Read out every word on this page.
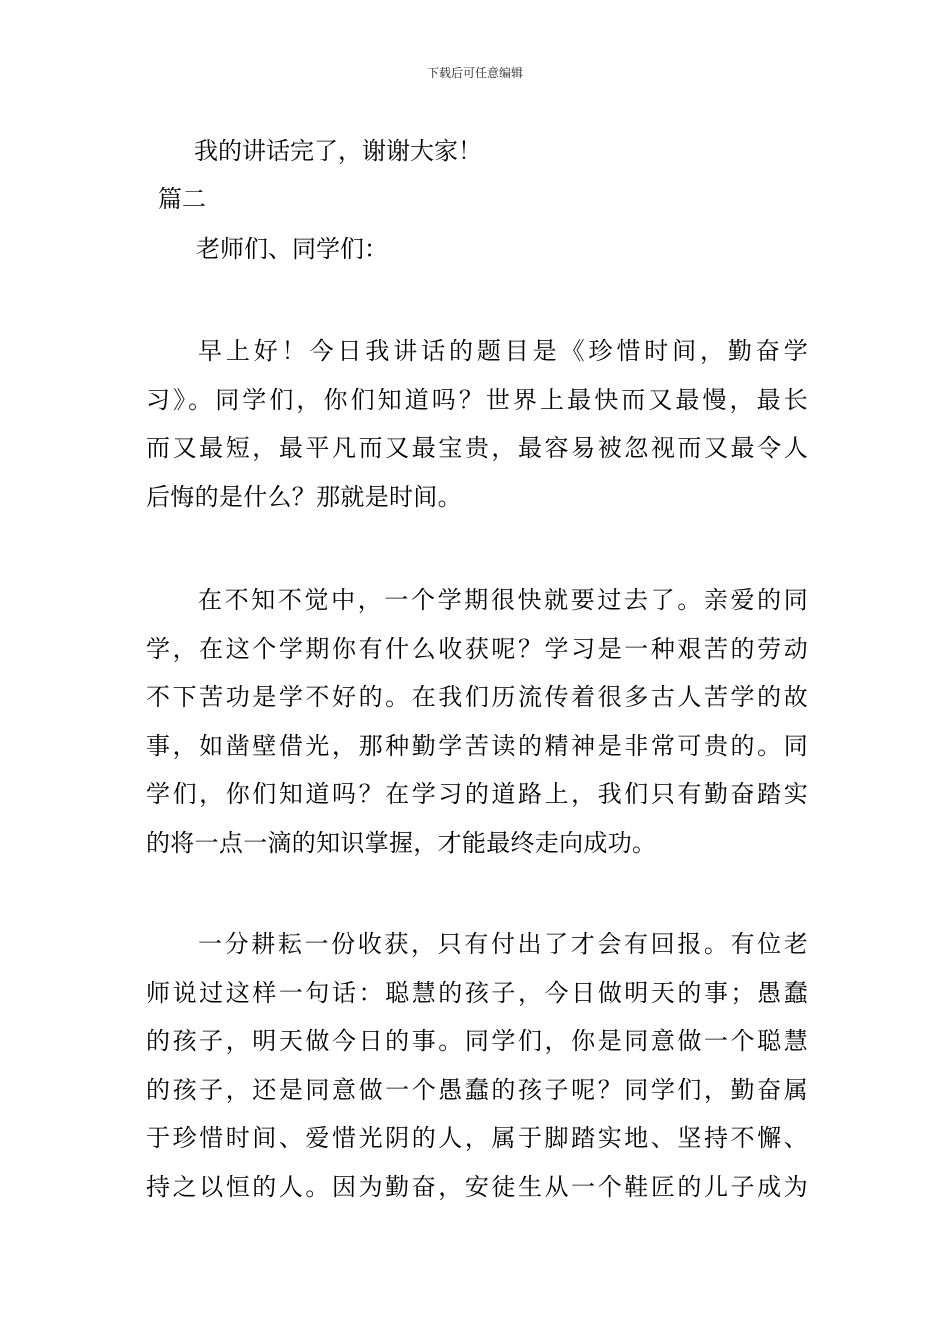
下载后可任意编辑
我的讲话完了，谢谢大家！
篇二
老师们、同学们：

早上好！今日我讲话的题目是《珍惜时间，勤奋学
习》。同学们，你们知道吗？世界上最快而又最慢，最长
而又最短，最平凡而又最宝贵，最容易被忽视而又最令人
后悔的是什么？那就是时间。

在不知不觉中，一个学期很快就要过去了。亲爱的同
学，在这个学期你有什么收获呢？学习是一种艰苦的劳动
不下苦功是学不好的。在我们历流传着很多古人苦学的故
事，如凿壁借光，那种勤学苦读的精神是非常可贵的。同
学们，你们知道吗？在学习的道路上，我们只有勤奋踏实
的将一点一滴的知识掌握，才能最终走向成功。

一分耕耘一份收获，只有付出了才会有回报。有位老
师说过这样一句话：聪慧的孩子，今日做明天的事；愚蠢
的孩子，明天做今日的事。同学们，你是同意做一个聪慧
的孩子，还是同意做一个愚蠢的孩子呢？同学们，勤奋属
于珍惜时间、爱惜光阴的人，属于脚踏实地、坚持不懈、
持之以恒的人。因为勤奋，安徒生从一个鞋匠的儿子成为
